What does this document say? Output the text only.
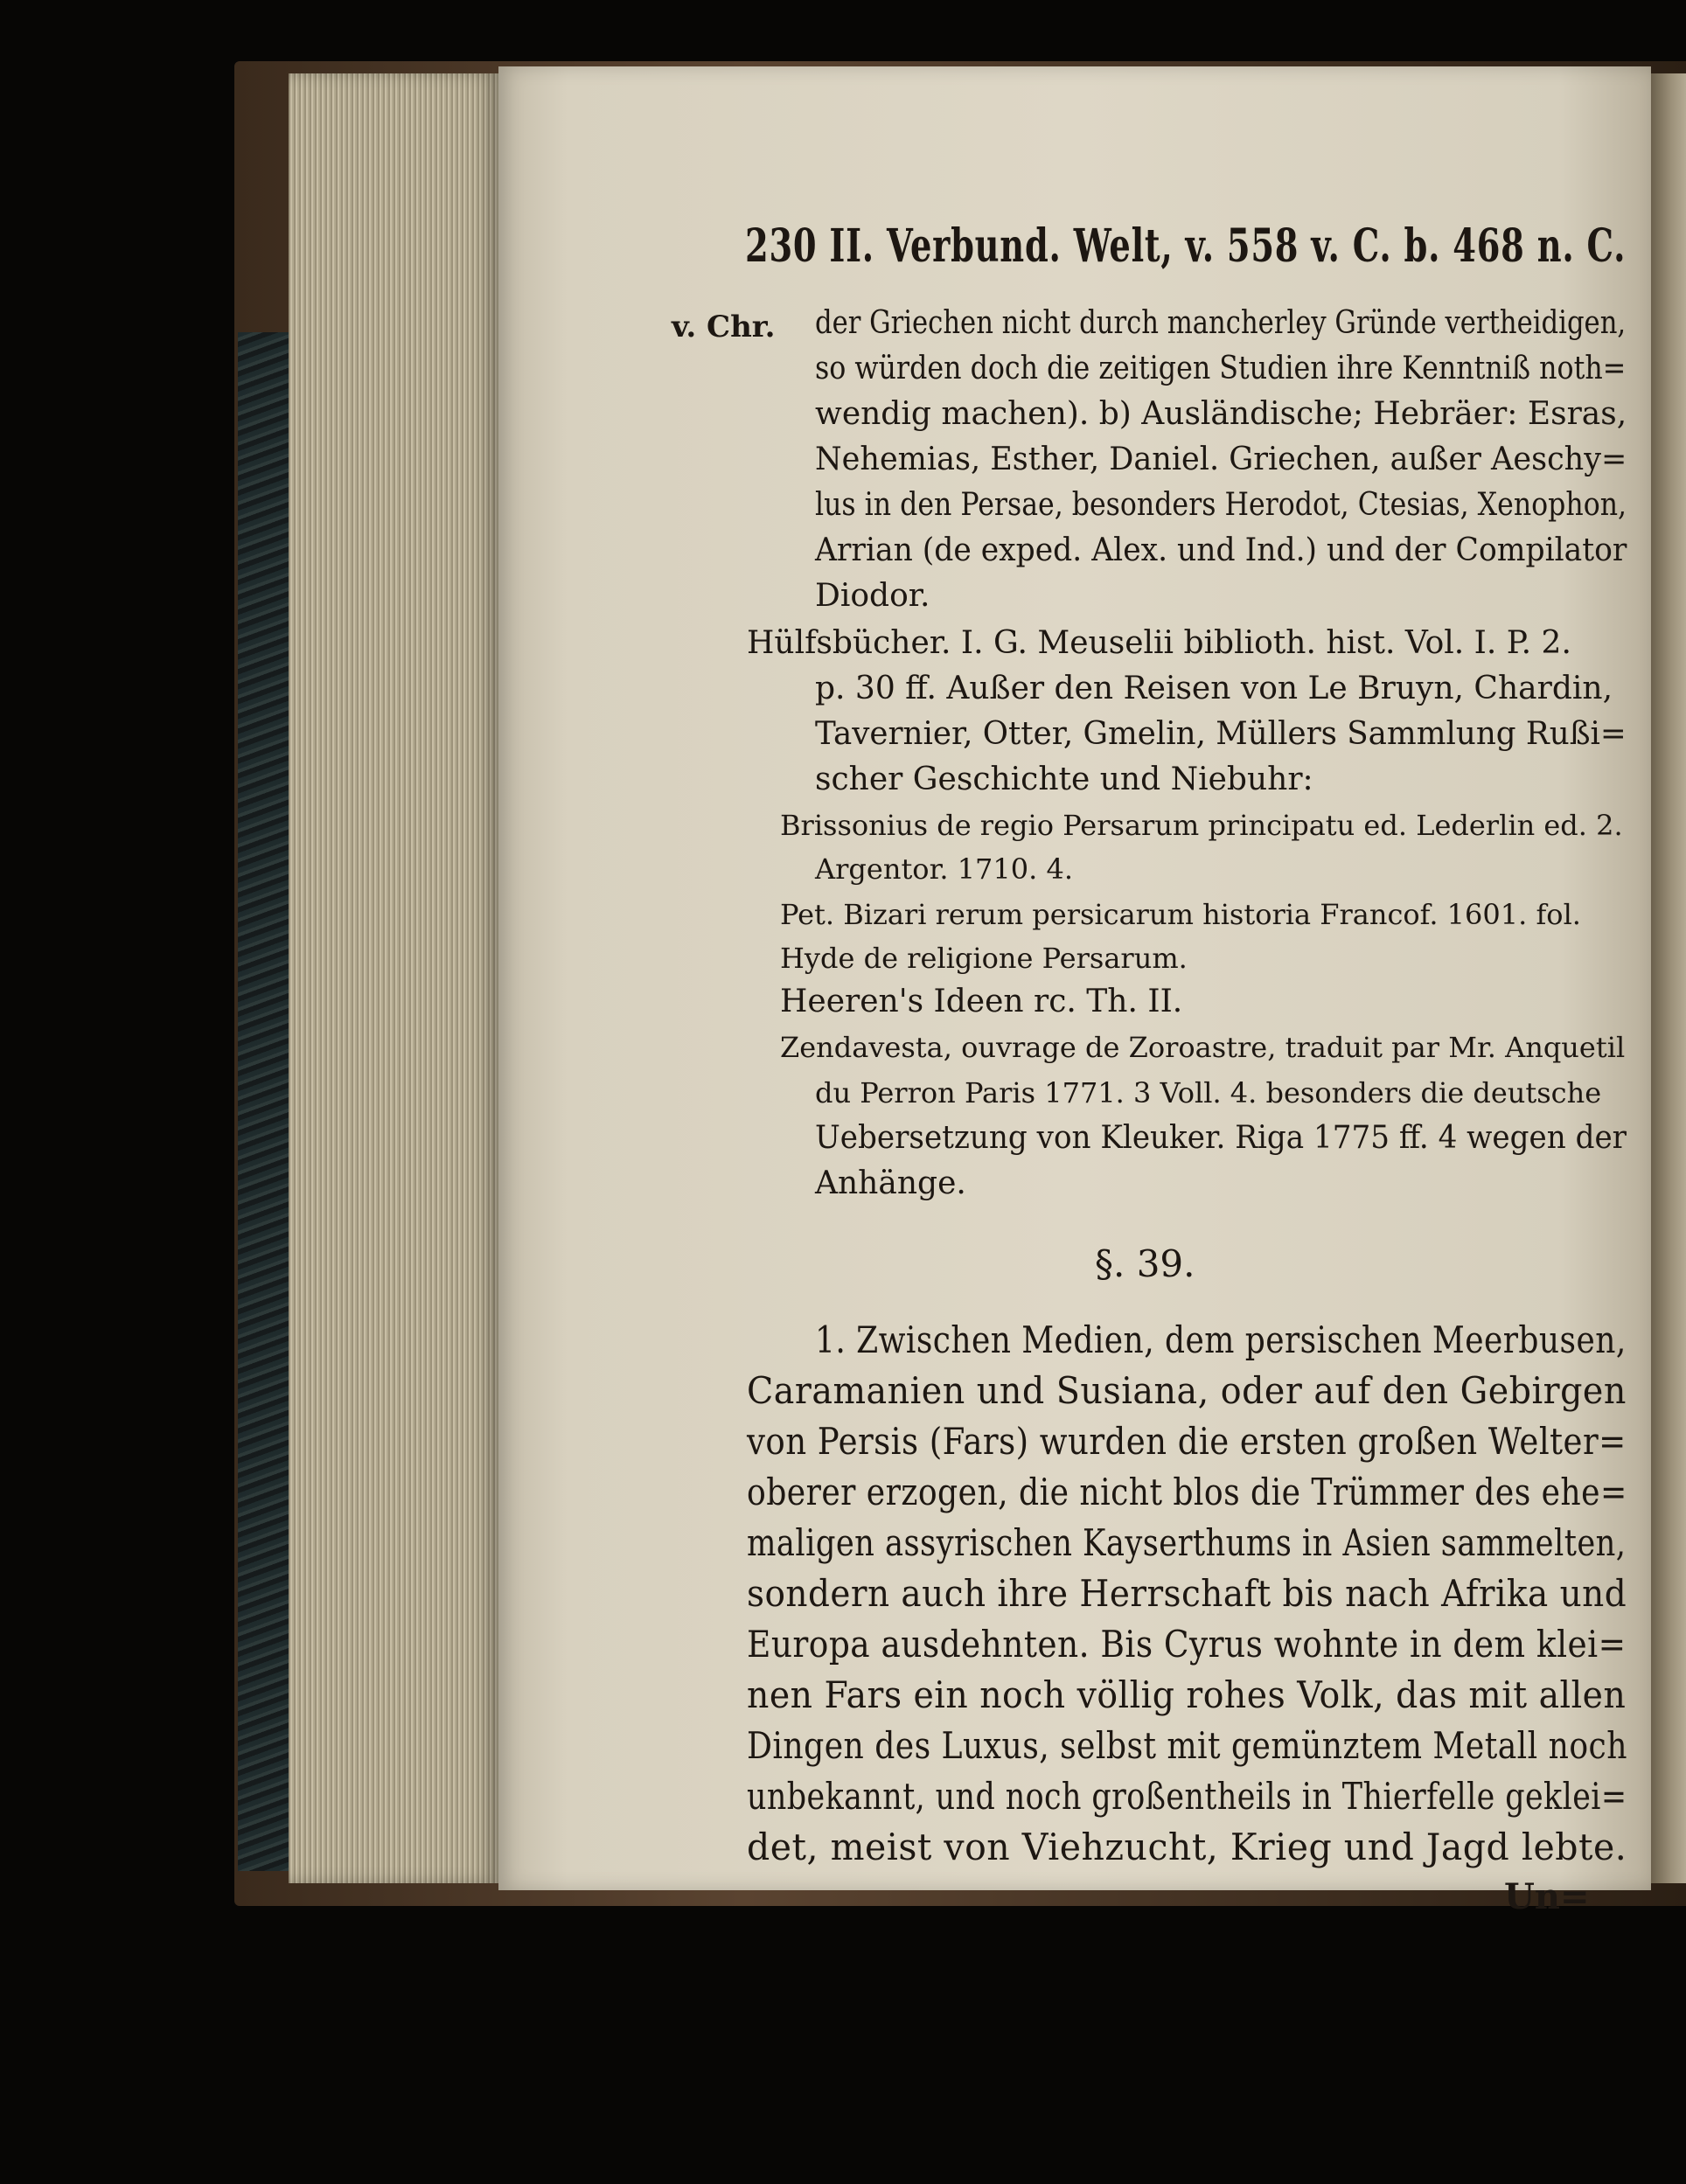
230 II. Verbund. Welt, v. 558 v. C. b. 468 n. C.
v. Chr. der Griechen nicht durch mancherley Gründe vertheidigen,
so würden doch die zeitigen Studien ihre Kenntniß noth=
wendig machen). b) Ausländische; Hebräer: Esras,
Nehemias, Esther, Daniel. Griechen, außer Aeschy=
lus in den Persae, besonders Herodot, Ctesias, Xenophon,
Arrian (de exped. Alex. und Ind.) und der Compilator
Diodor.
Hülfsbücher. I. G. Meuselii biblioth. hist. Vol. I. P. 2.
p. 30 ff. Außer den Reisen von Le Bruyn, Chardin,
Tavernier, Otter, Gmelin, Müllers Sammlung Rußi=
scher Geschichte und Niebuhr:
Brissonius de regio Persarum principatu ed. Lederlin ed. 2.
Argentor. 1710. 4.
Pet. Bizari rerum persicarum historia Francof. 1601. fol.
Hyde de religione Persarum.
Heeren's Ideen rc. Th. II.
Zendavesta, ouvrage de Zoroastre, traduit par Mr. Anquetil
du Perron Paris 1771. 3 Voll. 4. besonders die deutsche
Uebersetzung von Kleuker. Riga 1775 ff. 4 wegen der
Anhänge.
§. 39.
1. Zwischen Medien, dem persischen Meerbusen,
Caramanien und Susiana, oder auf den Gebirgen
von Persis (Fars) wurden die ersten großen Welter=
oberer erzogen, die nicht blos die Trümmer des ehe=
maligen assyrischen Kayserthums in Asien sammelten,
sondern auch ihre Herrschaft bis nach Afrika und
Europa ausdehnten. Bis Cyrus wohnte in dem klei=
nen Fars ein noch völlig rohes Volk, das mit allen
Dingen des Luxus, selbst mit gemünztem Metall noch
unbekannt, und noch großentheils in Thierfelle geklei=
det, meist von Viehzucht, Krieg und Jagd lebte.
Un=
